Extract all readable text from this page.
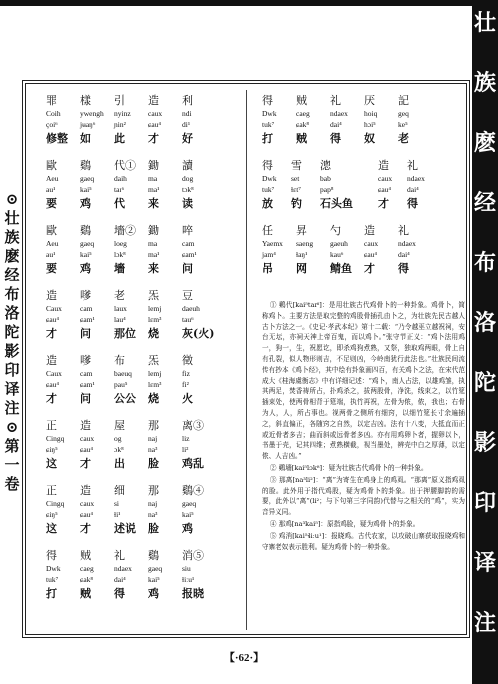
壮
族
麽
经
布
洛
陀
影
印
译
注
⊙
壮
族
麽
经
布
洛
陀
影
印
译
注
⊙
第
一
卷
罪	樣	引	造	利
Coih	ywengh	nyinz	caux	ndi
çoi⁶	jʉaŋ⁶	ɲin²	ɕau⁴	di¹
修整	如	此	才	好
歐	鷄	代①	鋤	讀
Aeu	gaeq	daih	ma	dog
au¹	kai⁵	taɪ⁶	ma¹	tɔk⁸
要	鸡	代	来	读
歐	鷄	墻②	鋤	啐
Aeu	gaeq	loeg	ma	cam
au¹	kai⁵	lɔk⁸	ma¹	ɕam¹
要	鸡	墻	来	问
造	嗲	老	炁	豆
Caux	cam	laux	lemj	daeuh
ɕau⁴	ɕam¹	lau⁴	lɛm³	tau⁶
才	问	那位	烧	灰(火)
造	嗲	布	炁	徵
Caux	cam	baeuq	lemj	fiz
ɕau⁴	ɕam¹	pau⁵	lɛm³	fi²
才	问	公公	烧	火
正	造	屋	那	离③
Cingq	caux	og	naj	liz
ɕiŋ⁵	ɕau⁴	ɔk⁸	na³	li²
这	才	出	脸	鸡乱
正	造	细	那	鷄④
Cingq	caux	si	naj	gaeq
ɕiŋ⁵	ɕau⁴	ɬi¹	na³	kai⁵
这	才	述说	脸	鸡
得	贼	礼	鷄	消⑤
Dwk	caeg	ndaex	gaeq	siu
tuk⁷	ɕak⁸	dai⁴	kai⁵	ɬiːu¹
打	贼	得	鸡	报晓
得	贼	礼	厌	記
Dwk	caeg	ndaex	hoiq	geq
tuk⁷	ɕak⁸	dai⁴	hɔi⁵	ke⁵
打	贼	得	奴	老
得	雪	漗	造	礼
Dwk	set	bab	caux	ndaex
tuk⁷	ɬɛt⁷	pap⁸	ɕau⁴	dai⁴
放	钓	石头鱼 才	得
任	昇	勺	造	礼
Yaemx	saeng	gaeuh	caux	ndaex
jam⁴	ɬaŋ¹	kau⁶	ɕau⁴	dai⁴
吊	网	鲭鱼	才	得

① 鷄代[kai⁵taɪ⁶]：是用壮族古代鸡骨卜的一种卦象。鸡骨卜，简称鸡卜。主要方法是取完整的鸡股骨插孔由卜之，为壮族先民古越人古卜方法之一。《史记·孝武本纪》第十二载：“乃令越巫立越祝祠，安台无坛，亦祠天神上帝百鬼，而以鸡卜。”张守节正义：“鸡卜法用鸡一，狗一，生，祝愿讫，即杀鸡狗煮熟，又祭，独取鸡两眼，骨上自有孔裂，似人物形则吉，不足则凶，今岭南犹行此法也。”壮族民间流传有抄本《鸡卜经》，其中绘有卦象画四百，有关鸡卜之法，在宋代范成大《桂海虞衡志》中有详细记述：“鸡卜，南人占法，以雄鸡雏，执其两足，焚香祷所占，扑鸡杀之，拔两股骨，净洗，线束之，以竹筵插束处，使两骨相背于筵端，执竹再祝，左骨为侬，侬，我也；右骨为人，人，所占事也。视两骨之侧所有细窍，以细竹筵长寸余遍插之，斜直偏正，各随窍之自然，以定吉凶。法有十八变，大抵直而正或近骨者多吉；曲而斜或远骨者多凶。亦有用鸡卵卜者，握卵以卜，书墨于壳，记其四维；煮熟横截，视当墨处，辨壳中白之厚薄，以定侬、人吉凶。”

② 鷄墻[kai⁵lɔk⁸]：疑为壮族古代鸡骨卜的一种卦象。

③ 那离[na³li²]：“离”为寄生在鸡身上的鸡虱。“那离”原义指鸡虱的脸。此外用于指代鸡股，疑为鸡骨卜的卦象。出于押腰脚韵的需要，此外以“离”(li²；与下句第三字同韵)代替与之相关的“鸡”，实为音异义同。

④ 那鸡[na³kai⁵]：原指鸡脸，疑为鸡骨卜的卦象。

⑤ 鸡消[kai⁵ɬiːu¹]：报晓鸡。古代农家，以攻破山寨获取报晓鸡和守寨老奴表示胜利。疑为鸡骨卜的一种卦象。

【·62·】
